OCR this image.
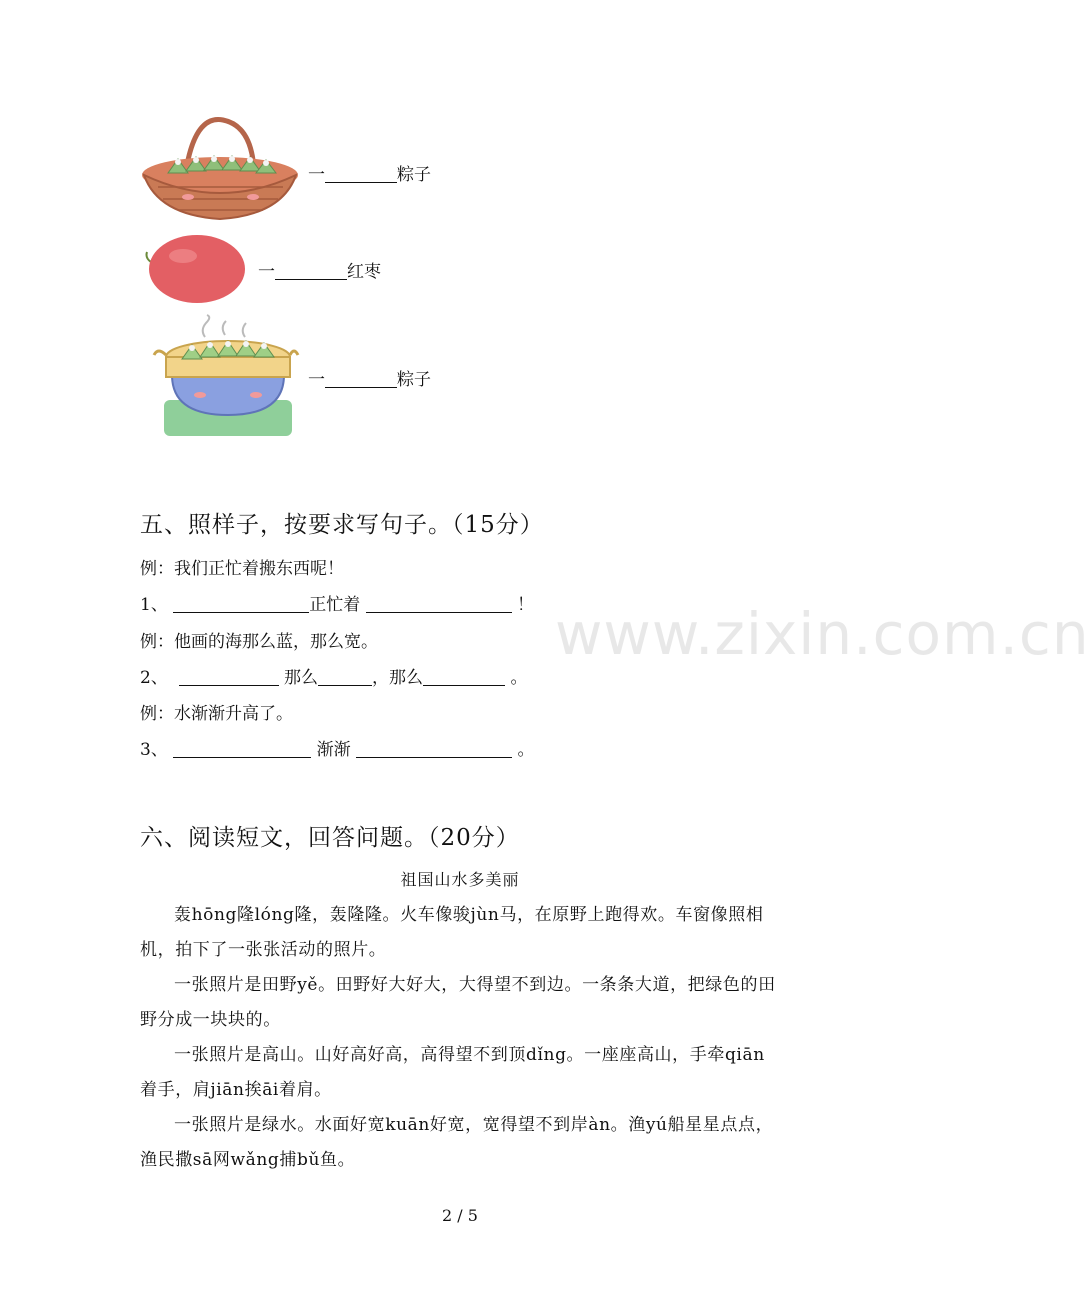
www.zixin.com.cn
一	粽子
一	红枣
一	粽子
五、照样子，按要求写句子。（15分）
例：我们正忙着搬东西呢！
1、	正忙着	！
例：他画的海那么蓝，那么宽。
2、	那么	，那么	。
例：水渐渐升高了。
3、	渐渐	。
六、阅读短文，回答问题。（20分）
祖国山水多美丽

轰hōng隆lóng隆，轰隆隆。火车像骏jùn马，在原野上跑得欢。车窗像照相机，拍下了一张张活动的照片。

一张照片是田野yě。田野好大好大，大得望不到边。一条条大道，把绿色的田野分成一块块的。

一张照片是高山。山好高好高，高得望不到顶dǐng。一座座高山，手牵qiān着手，肩jiān挨āi着肩。

一张照片是绿水。水面好宽kuān好宽，宽得望不到岸àn。渔yú船星星点点，渔民撒sā网wǎng捕bǔ鱼。

2 / 5
